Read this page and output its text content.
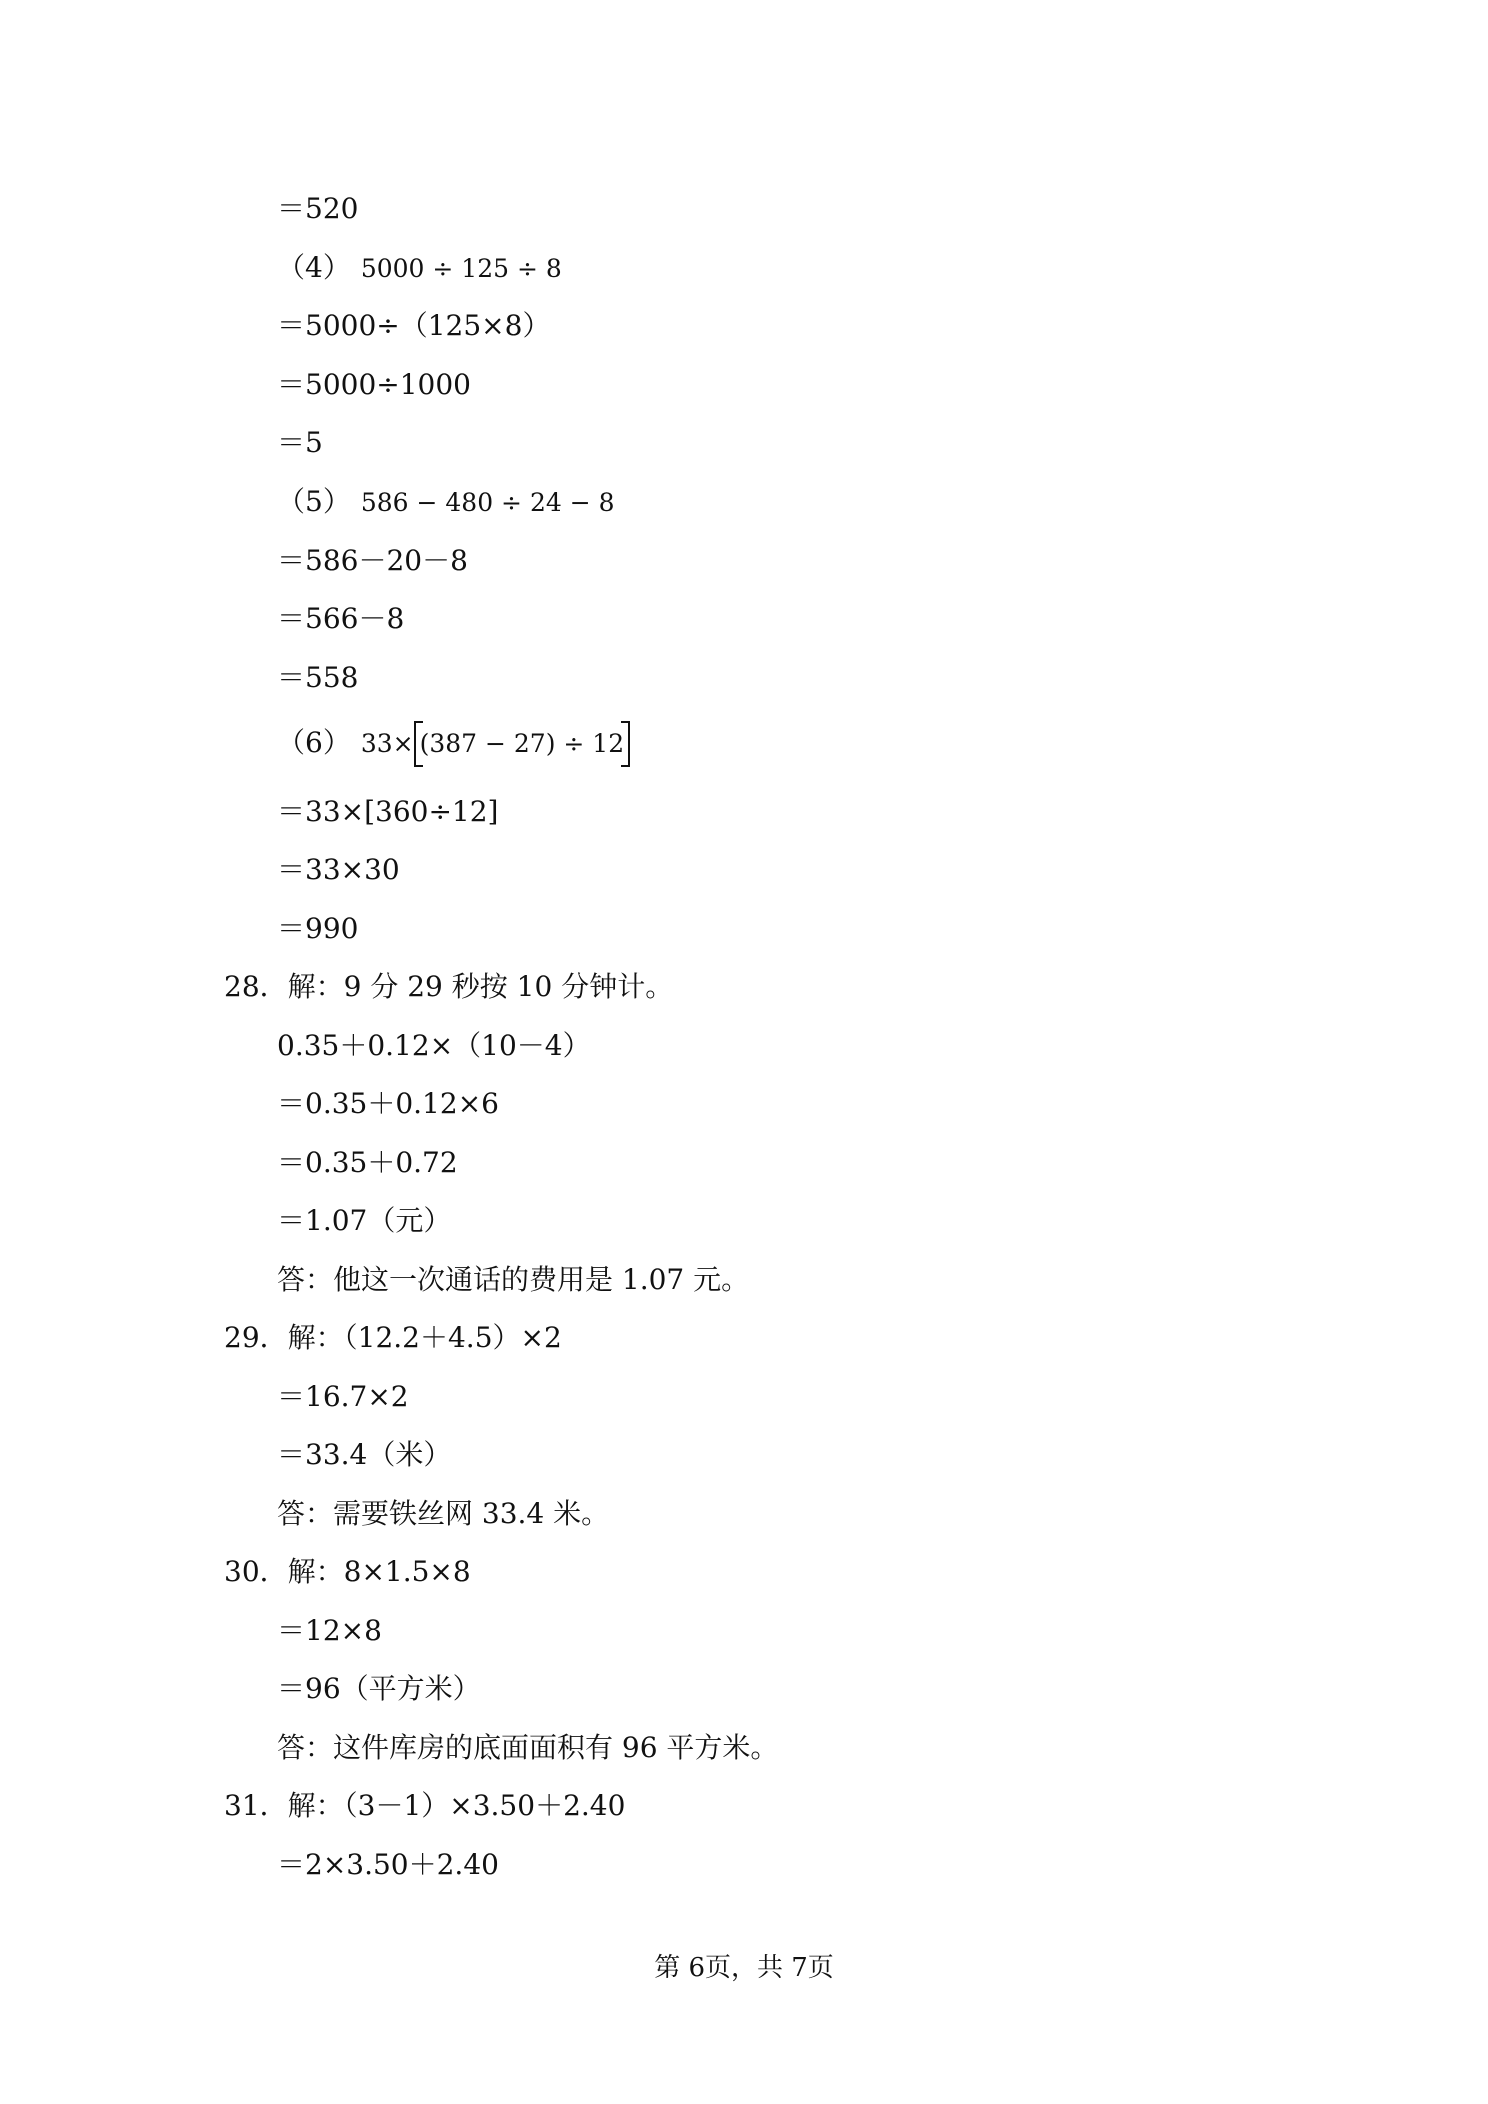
＝520
（4） 5000 ÷ 125 ÷ 8
＝5000÷（125×8）
＝5000÷1000
＝5
（5） 586 − 480 ÷ 24 − 8
＝586－20－8
＝566－8
＝558
（6） 33× (387 − 27) ÷ 12
＝33×[360÷12]
＝33×30
＝990
28．解：9 分 29 秒按 10 分钟计。
0.35＋0.12×（10－4）
＝0.35＋0.12×6
＝0.35＋0.72
＝1.07（元）
答：他这一次通话的费用是 1.07 元。
29．解：（12.2＋4.5）×2
＝16.7×2
＝33.4（米）
答：需要铁丝网 33.4 米。
30．解：8×1.5×8
＝12×8
＝96（平方米）
答：这件库房的底面面积有 96 平方米。
31．解：（3－1）×3.50＋2.40
＝2×3.50＋2.40
第 6页，共 7页
